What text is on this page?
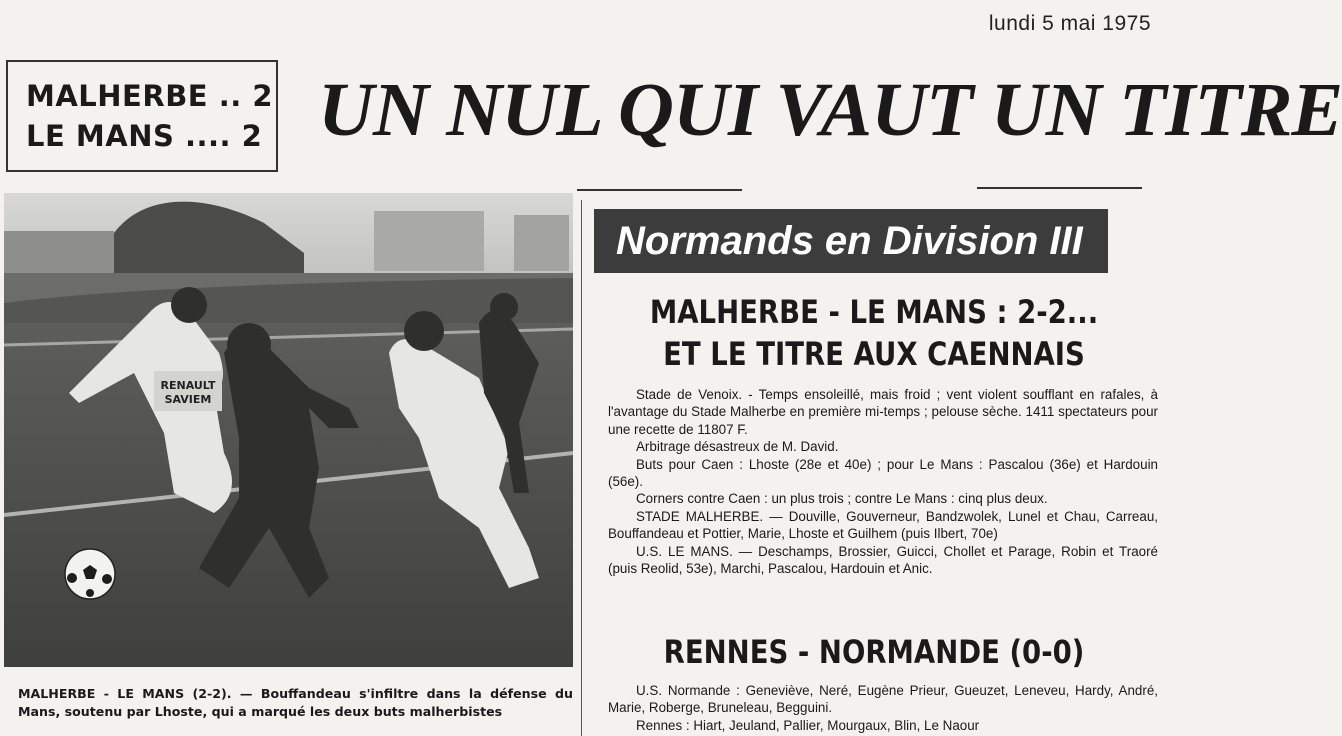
lundi 5 mai 1975
MALHERBE .. 2
LE MANS .... 2 UN NUL QUI VAUT UN TITRE
RENAULT
SAVIEM
MALHERBE - LE MANS (2-2). — Bouffandeau s'infiltre dans la défense du Mans, soutenu par Lhoste, qui a marqué les deux buts malherbistes
Normands en Division III
MALHERBE - LE MANS : 2-2...
ET LE TITRE AUX CAENNAIS

Stade de Venoix. - Temps ensoleillé, mais froid ; vent violent soufflant en rafales, à l'avantage du Stade Malherbe en première mi-temps ; pelouse sèche. 1411 spectateurs pour une recette de 11807 F.

Arbitrage désastreux de M. David.

Buts pour Caen : Lhoste (28e et 40e) ; pour Le Mans : Pascalou (36e) et Hardouin (56e).

Corners contre Caen : un plus trois ; contre Le Mans : cinq plus deux.

STADE MALHERBE. — Douville, Gouverneur, Bandzwolek, Lunel et Chau, Carreau, Bouffandeau et Pottier, Marie, Lhoste et Guilhem (puis Ilbert, 70e)

U.S. LE MANS. — Deschamps, Brossier, Guicci, Chollet et Parage, Robin et Traoré (puis Reolid, 53e), Marchi, Pascalou, Hardouin et Anic.

RENNES - NORMANDE (0-0)

U.S. Normande : Geneviève, Neré, Eugène Prieur, Gueuzet, Leneveu, Hardy, André, Marie, Roberge, Bruneleau, Begguini.

Rennes : Hiart, Jeuland, Pallier, Mourgaux, Blin, Le Naour
